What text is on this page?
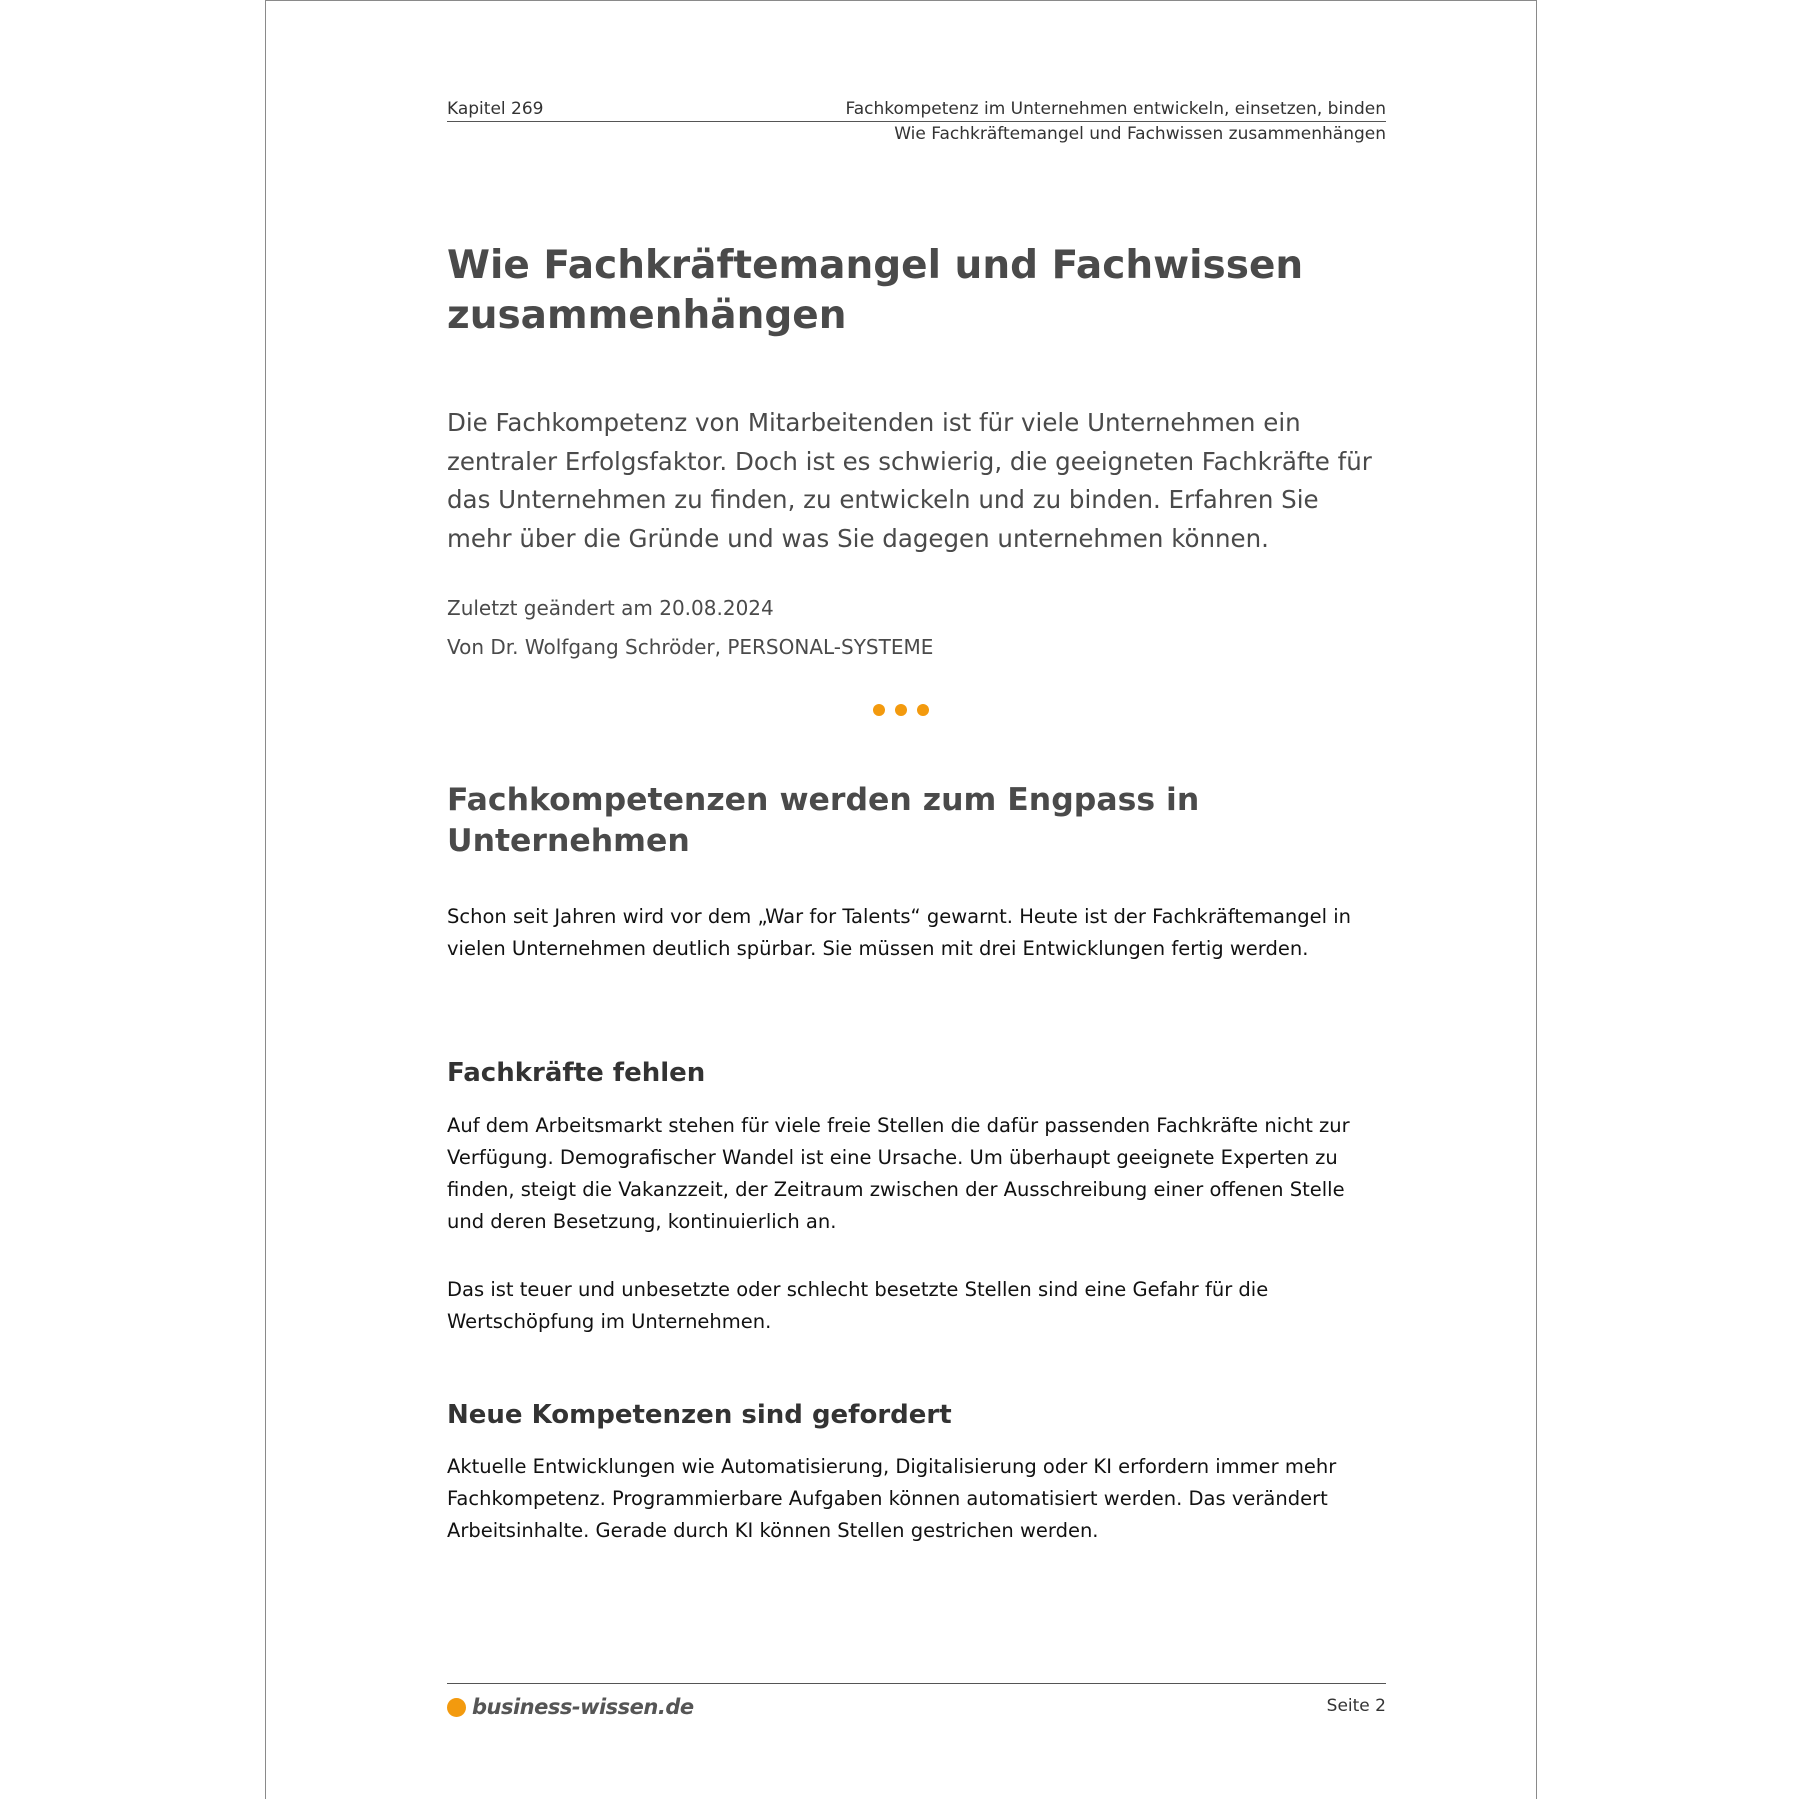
Kapitel 269	Fachkompetenz im Unternehmen entwickeln, einsetzen, binden
Wie Fachkräftemangel und Fachwissen zusammenhängen
Wie Fachkräftemangel und Fachwissen zusammenhängen

Die Fachkompetenz von Mitarbeitenden ist für viele Unternehmen ein zentraler Erfolgsfaktor. Doch ist es schwierig, die geeigneten Fachkräfte für das Unternehmen zu finden, zu entwickeln und zu binden. Erfahren Sie mehr über die Gründe und was Sie dagegen unternehmen können.

Zuletzt geändert am 20.08.2024

Von Dr. Wolfgang Schröder, PERSONAL-SYSTEME

Fachkompetenzen werden zum Engpass in Unternehmen

Schon seit Jahren wird vor dem „War for Talents“ gewarnt. Heute ist der Fachkräftemangel in vielen Unternehmen deutlich spürbar. Sie müssen mit drei Entwicklungen fertig werden.

Fachkräfte fehlen

Auf dem Arbeitsmarkt stehen für viele freie Stellen die dafür passenden Fachkräfte nicht zur Verfügung. Demografischer Wandel ist eine Ursache. Um überhaupt geeignete Experten zu finden, steigt die Vakanzzeit, der Zeitraum zwischen der Ausschreibung einer offenen Stelle und deren Besetzung, kontinuierlich an.

Das ist teuer und unbesetzte oder schlecht besetzte Stellen sind eine Gefahr für die Wertschöpfung im Unternehmen.

Neue Kompetenzen sind gefordert

Aktuelle Entwicklungen wie Automatisierung, Digitalisierung oder KI erfordern immer mehr Fachkompetenz. Programmierbare Aufgaben können automatisiert werden. Das verändert Arbeitsinhalte. Gerade durch KI können Stellen gestrichen werden.

business-wissen.de	Seite 2
